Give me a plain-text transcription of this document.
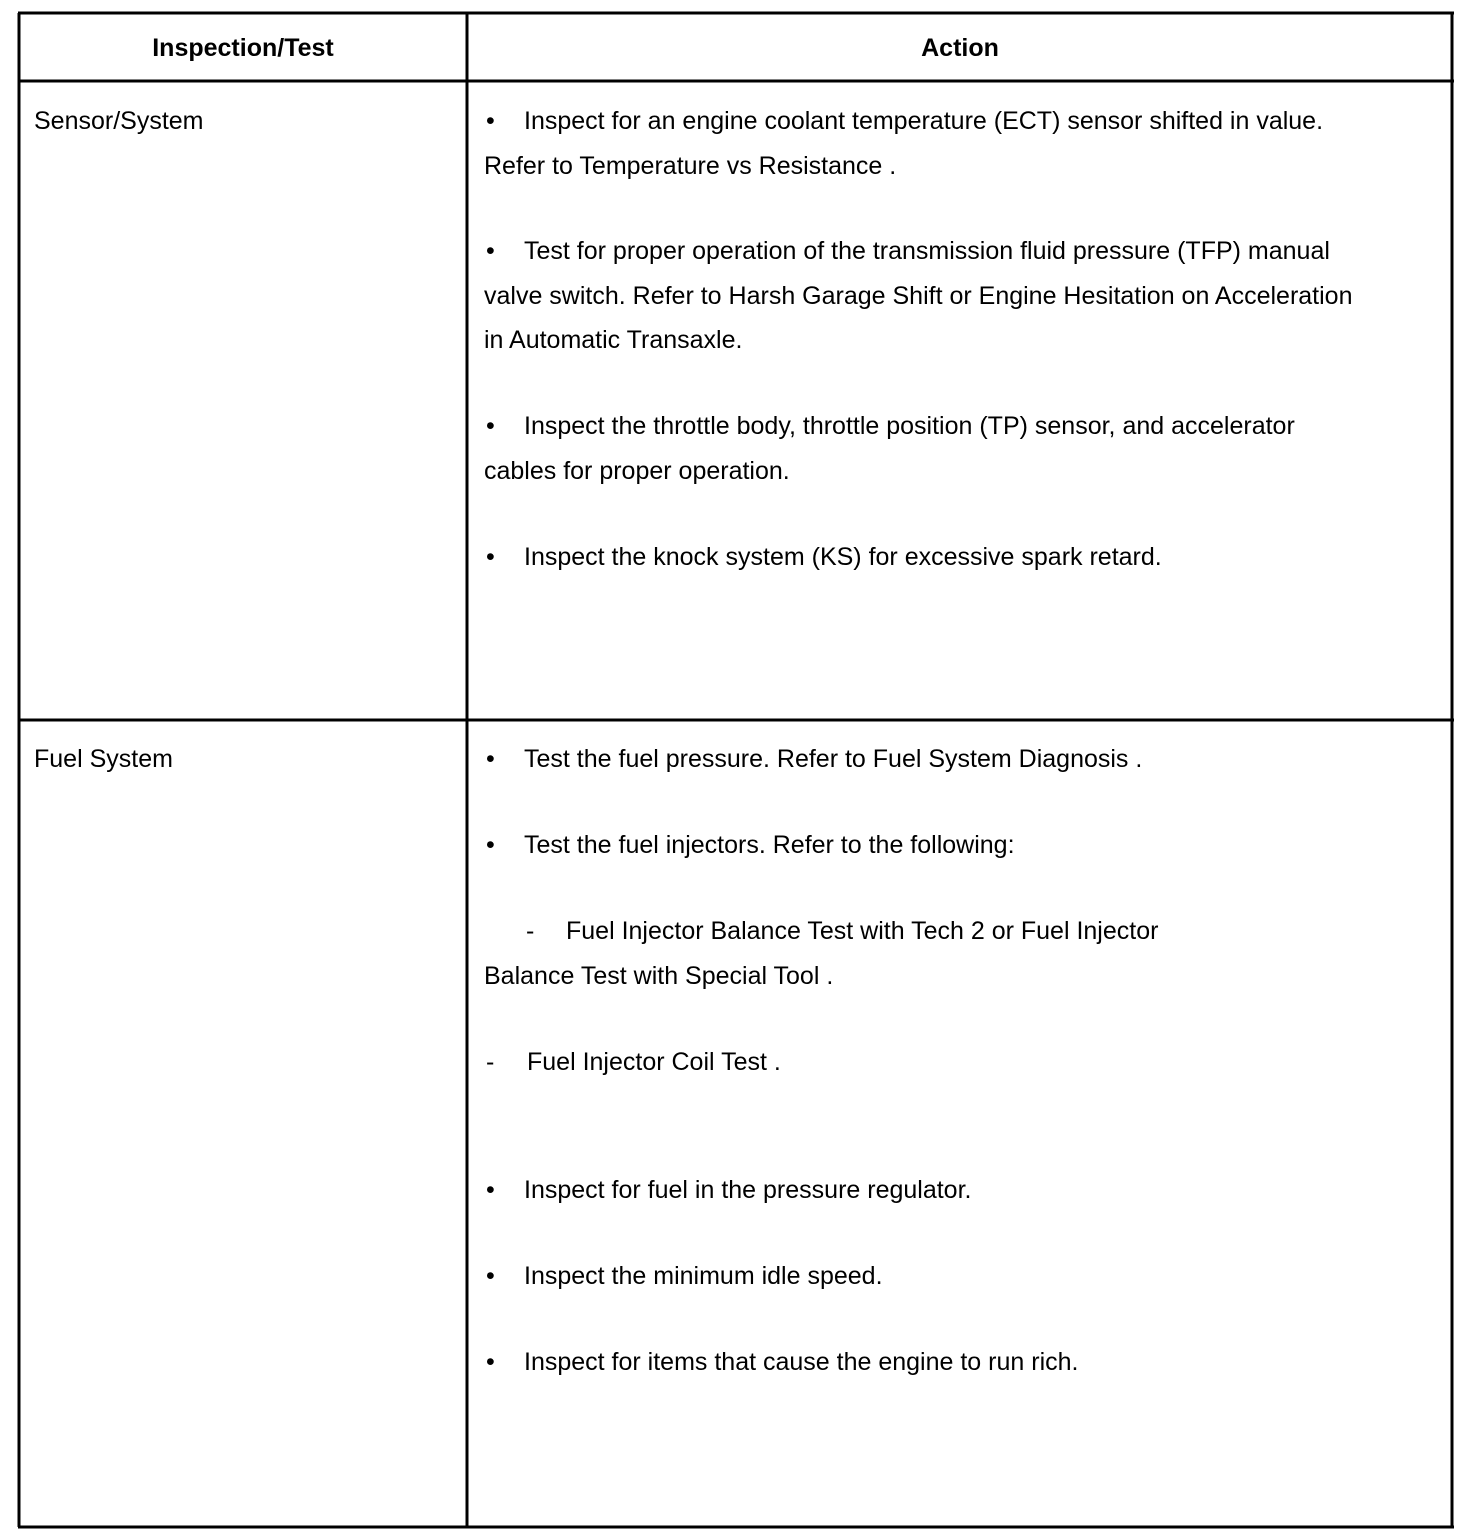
Inspection/Test	Action
Sensor/System	• Inspect for an engine coolant temperature (ECT) sensor shifted in value. Refer to Temperature vs Resistance .
• Test for proper operation of the transmission fluid pressure (TFP) manual valve switch. Refer to Harsh Garage Shift or Engine Hesitation on Acceleration in Automatic Transaxle.
• Inspect the throttle body, throttle position (TP) sensor, and accelerator cables for proper operation.
• Inspect the knock system (KS) for excessive spark retard.
Fuel System	• Test the fuel pressure. Refer to Fuel System Diagnosis .
• Test the fuel injectors. Refer to the following:
- Fuel Injector Balance Test with Tech 2 or Fuel Injector Balance Test with Special Tool .
- Fuel Injector Coil Test .
• Inspect for fuel in the pressure regulator.
• Inspect the minimum idle speed.
• Inspect for items that cause the engine to run rich.
